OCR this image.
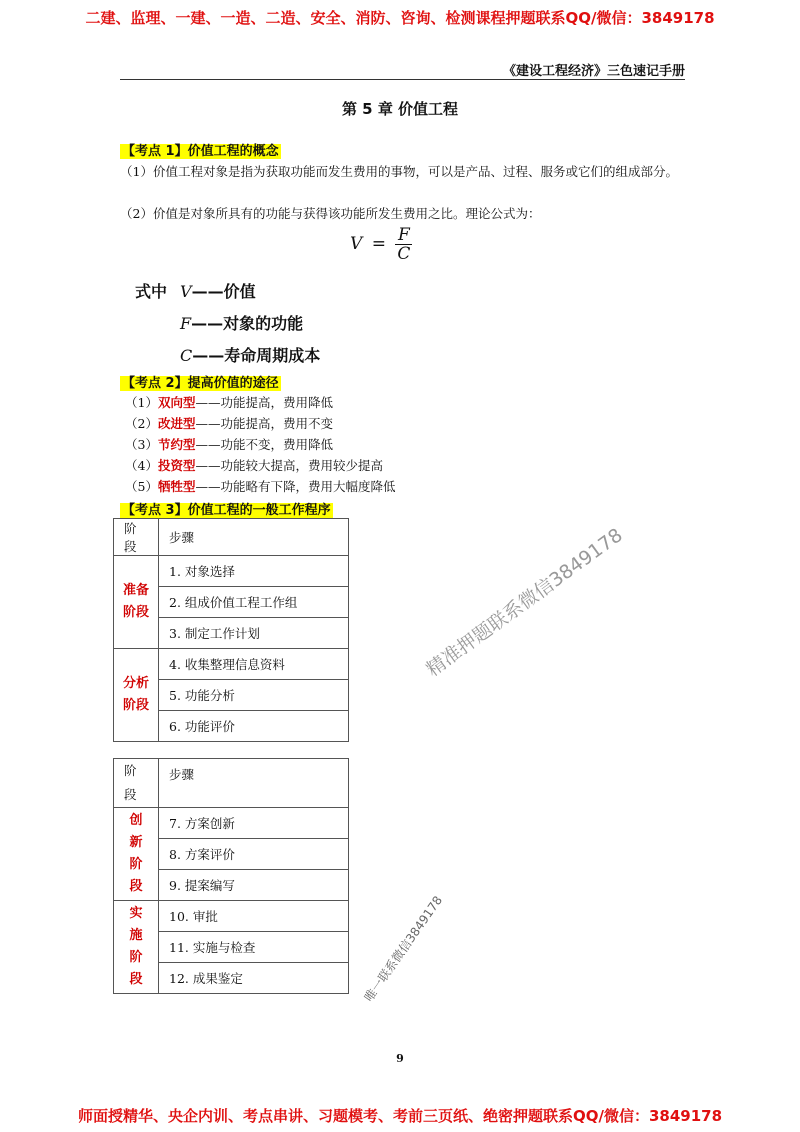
二建、监理、一建、一造、二造、安全、消防、咨询、检测课程押题联系QQ/微信：3849178
《建设工程经济》三色速记手册
第 5 章 价值工程
【考点 1】价值工程的概念
（1）价值工程对象是指为获取功能而发生费用的事物，可以是产品、过程、服务或它们的组成部分。
（2）价值是对象所具有的功能与获得该功能所发生费用之比。理论公式为：
$V = \frac{F}{C}$
式中 V——价值
F——对象的功能
C——寿命周期成本
【考点 2】提高价值的途径
（1）双向型——功能提高，费用降低
（2）改进型——功能提高，费用不变
（3）节约型——功能不变，费用降低
（4）投资型——功能较大提高，费用较少提高
（5）牺牲型——功能略有下降，费用大幅度降低
【考点 3】价值工程的一般工作程序
阶段	步骤
准备
阶段	1. 对象选择
	2. 组成价值工程工作组
	3. 制定工作计划
分析
阶段	4. 收集整理信息资料
	5. 功能分析
	6. 功能评价
阶
段	步骤
创
新
阶
段	7. 方案创新
	8. 方案评价
	9. 提案编写
实
施
阶
段	10. 审批
	11. 实施与检查
	12. 成果鉴定
精准押题联系微信3849178
唯一联系微信3849178
9
师面授精华、央企内训、考点串讲、习题模考、考前三页纸、绝密押题联系QQ/微信：3849178
